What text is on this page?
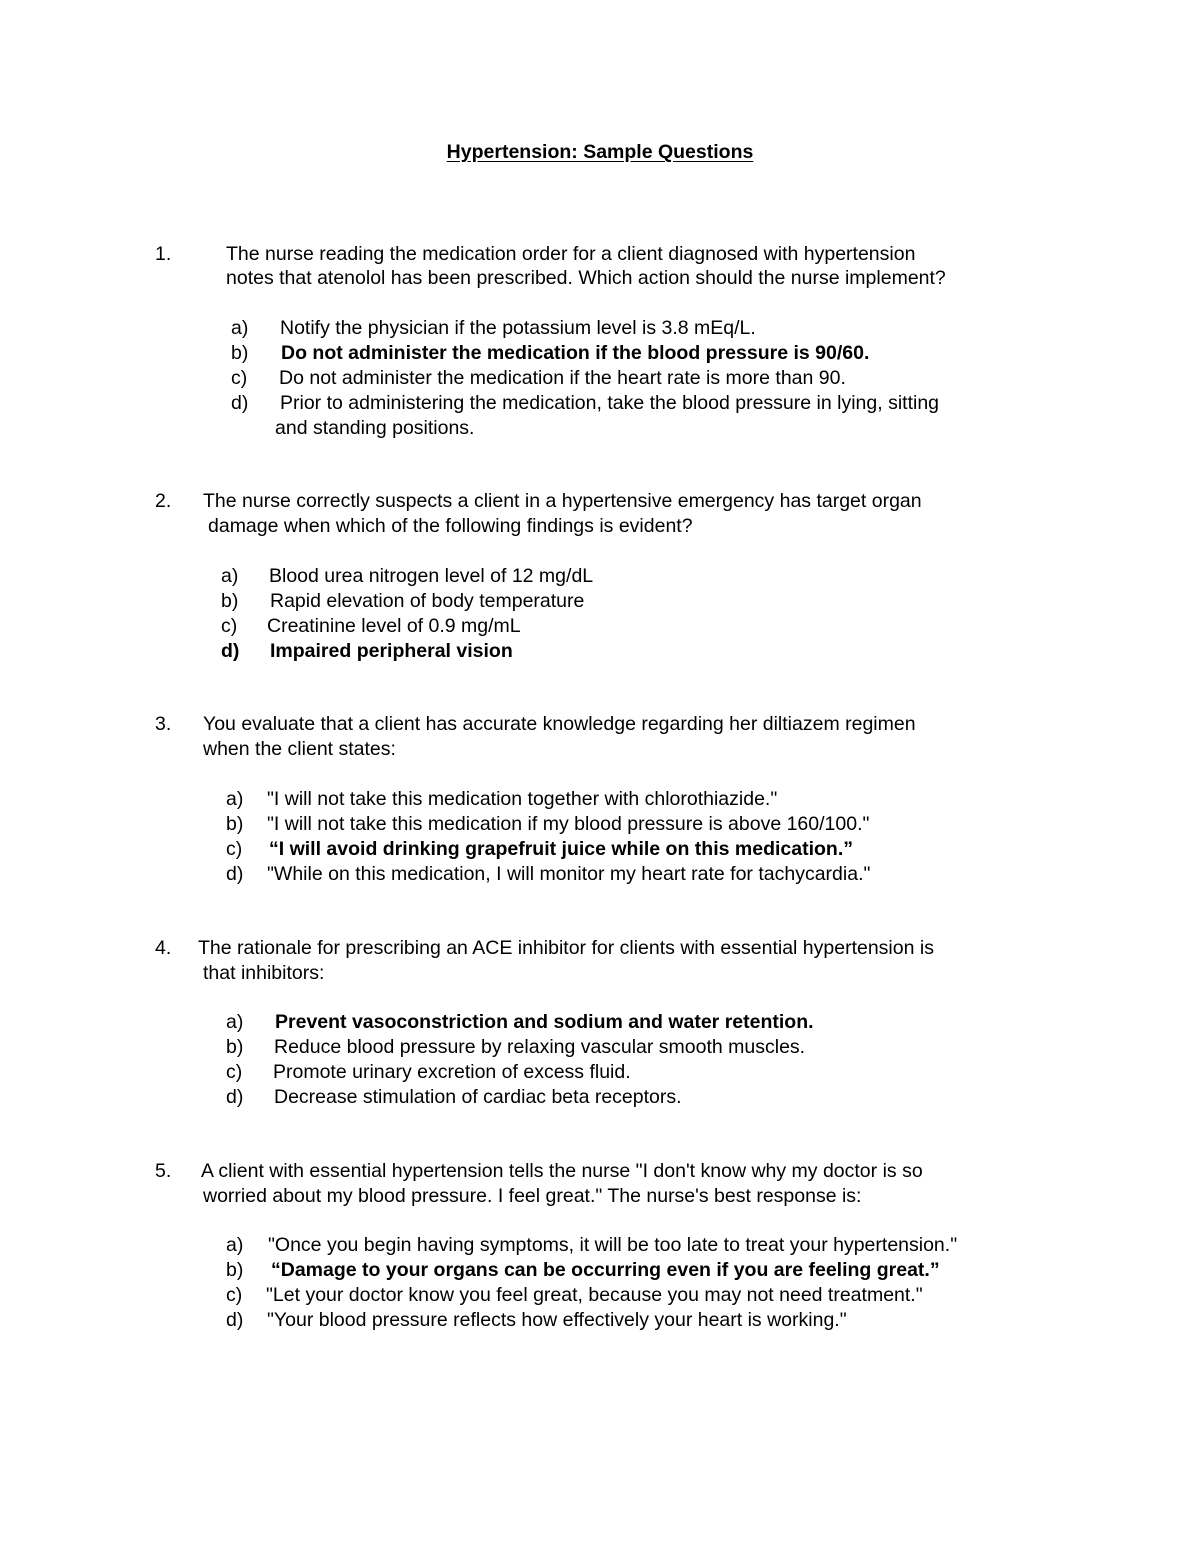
Hypertension: Sample Questions
1.	The nurse reading the medication order for a client diagnosed with hypertension
notes that atenolol has been prescribed. Which action should the nurse implement?
a) Notify the physician if the potassium level is 3.8 mEq/L.
b) Do not administer the medication if the blood pressure is 90/60.
c) Do not administer the medication if the heart rate is more than 90.
d) Prior to administering the medication, take the blood pressure in lying, sitting
and standing positions.
2. The nurse correctly suspects a client in a hypertensive emergency has target organ
damage when which of the following findings is evident?
a) Blood urea nitrogen level of 12 mg/dL
b) Rapid elevation of body temperature
c) Creatinine level of 0.9 mg/mL
d) Impaired peripheral vision
3. You evaluate that a client has accurate knowledge regarding her diltiazem regimen
when the client states:
a) "I will not take this medication together with chlorothiazide."
b) "I will not take this medication if my blood pressure is above 160/100."
c) “I will avoid drinking grapefruit juice while on this medication.”
d) "While on this medication, I will monitor my heart rate for tachycardia."
4. The rationale for prescribing an ACE inhibitor for clients with essential hypertension is
that inhibitors:
a) Prevent vasoconstriction and sodium and water retention.
b) Reduce blood pressure by relaxing vascular smooth muscles.
c) Promote urinary excretion of excess fluid.
d) Decrease stimulation of cardiac beta receptors.
5. A client with essential hypertension tells the nurse "I don't know why my doctor is so
worried about my blood pressure. I feel great." The nurse's best response is:
a) "Once you begin having symptoms, it will be too late to treat your hypertension."
b) “Damage to your organs can be occurring even if you are feeling great.”
c) "Let your doctor know you feel great, because you may not need treatment."
d) "Your blood pressure reflects how effectively your heart is working."
